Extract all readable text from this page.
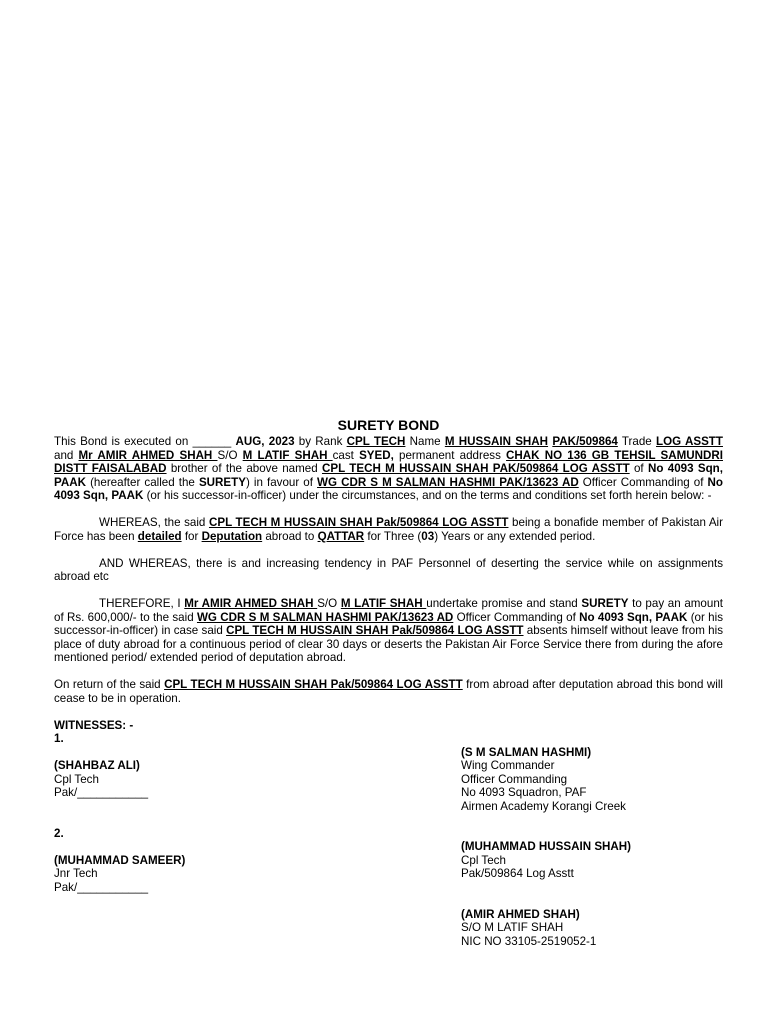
SURETY BOND

This Bond is executed on ______ AUG, 2023 by Rank CPL TECH Name M HUSSAIN SHAH PAK/509864 Trade LOG ASSTT and Mr AMIR AHMED SHAH S/O M LATIF SHAH cast SYED, permanent address CHAK NO 136 GB TEHSIL SAMUNDRI DISTT FAISALABAD brother of the above named CPL TECH M HUSSAIN SHAH PAK/509864 LOG ASSTT of No 4093 Sqn, PAAK (hereafter called the SURETY) in favour of WG CDR S M SALMAN HASHMI PAK/13623 AD Officer Commanding of No 4093 Sqn, PAAK (or his successor-in-officer) under the circumstances, and on the terms and conditions set forth herein below: -

WHEREAS, the said CPL TECH M HUSSAIN SHAH Pak/509864 LOG ASSTT being a bonafide member of Pakistan Air Force has been detailed for Deputation abroad to QATTAR for Three (03) Years or any extended period.

AND WHEREAS, there is and increasing tendency in PAF Personnel of deserting the service while on assignments abroad etc

THEREFORE, I Mr AMIR AHMED SHAH S/O M LATIF SHAH undertake promise and stand SURETY to pay an amount of Rs. 600,000/- to the said WG CDR S M SALMAN HASHMI PAK/13623 AD Officer Commanding of No 4093 Sqn, PAAK (or his successor-in-officer) in case said CPL TECH M HUSSAIN SHAH Pak/509864 LOG ASSTT absents himself without leave from his place of duty abroad for a continuous period of clear 30 days or deserts the Pakistan Air Force Service there from during the afore mentioned period/ extended period of deputation abroad.

On return of the said CPL TECH M HUSSAIN SHAH Pak/509864 LOG ASSTT from abroad after deputation abroad this bond will cease to be in operation.

WITNESSES: -
1.
(SHAHBAZ ALI)
Cpl Tech
Pak/___________
(S M SALMAN HASHMI)
Wing Commander
Officer Commanding
No 4093 Squadron, PAF
Airmen Academy Korangi Creek
2.
(MUHAMMAD SAMEER)
Jnr Tech
Pak/___________
(MUHAMMAD HUSSAIN SHAH)
Cpl Tech
Pak/509864 Log Asstt
(AMIR AHMED SHAH)
S/O M LATIF SHAH
NIC NO 33105-2519052-1
